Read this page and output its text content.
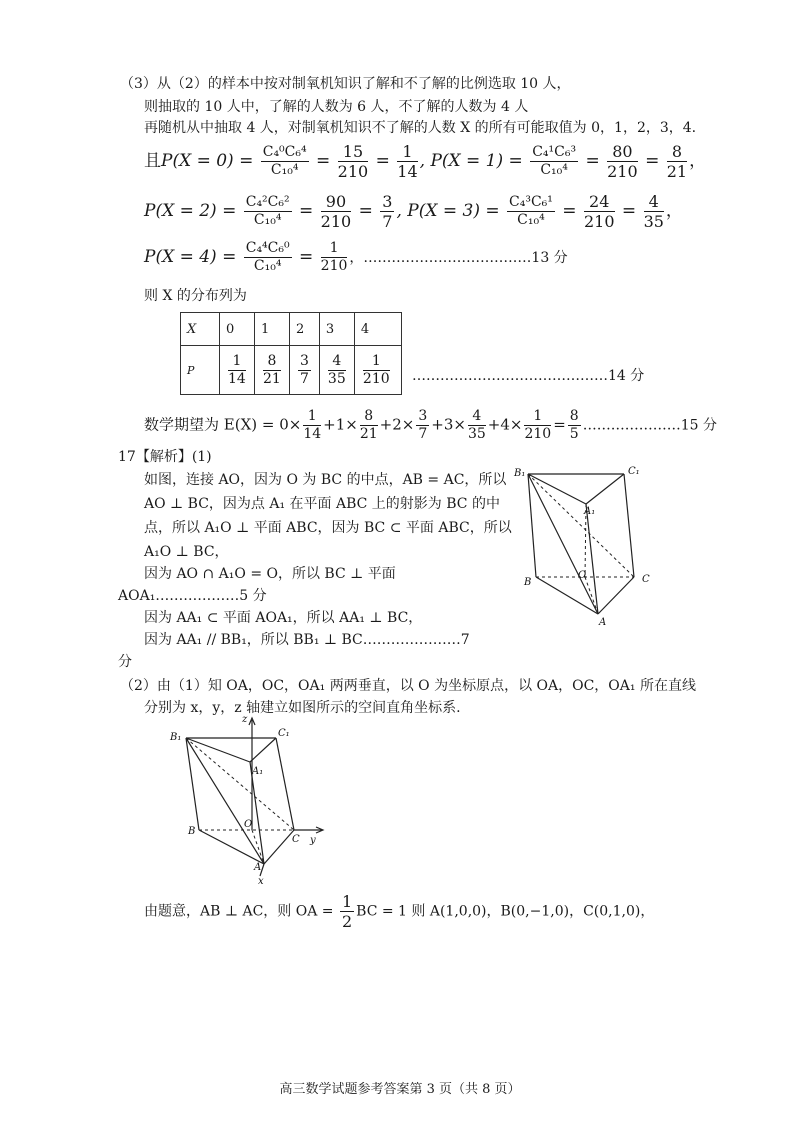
（3）从（2）的样本中按对制氧机知识了解和不了解的比例选取 10 人，
则抽取的 10 人中，了解的人数为 6 人，不了解的人数为 4 人
再随机从中抽取 4 人，对制氧机知识不了解的人数 X 的所有可能取值为 0，1，2，3，4.
且$P(X = 0) = \frac{\text{C₄⁰C₆⁴}}{\text{C₁₀⁴}} = \frac{15}{210} = \frac{1}{14}$ , $P(X = 1) = \frac{\text{C₄¹C₆³}}{\text{C₁₀⁴}} = \frac{80}{210} = \frac{8}{21}$ ，
$P(X = 2) = \frac{\text{C₄²C₆²}}{\text{C₁₀⁴}} = \frac{90}{210} = \frac{3}{7}$ , $P(X = 3) = \frac{\text{C₄³C₆¹}}{\text{C₁₀⁴}} = \frac{24}{210} = \frac{4}{35}$ ，
$P(X = 4) = \frac{\text{C₄⁴C₆⁰}}{\text{C₁₀⁴}} = \frac{1}{210}$ ，………………………………13 分
则 X 的分布列为
X	0	1	2	3	4
P	$\frac{1}{14}$	$\frac{8}{21}$	$\frac{3}{7}$	$\frac{4}{35}$	$\frac{1}{210}$ ……………………………………14 分
数学期望为 $E(X) = 0\times \frac{1}{14} +1\times \frac{8}{21} +2\times \frac{3}{7} +3\times \frac{4}{35} +4\times \frac{1}{210} = \frac{8}{5}$ …………………15 分
17【解析】(1)
如图，连接 AO，因为 O 为 BC 的中点，AB = AC，所以
AO ⊥ BC，因为点 A₁ 在平面 ABC 上的射影为 BC 的中
点，所以 A₁O ⊥ 平面 ABC，因为 BC ⊂ 平面 ABC，所以
A₁O ⊥ BC，
因为 AO ∩ A₁O = O，所以 BC ⊥ 平面
AOA₁………………5 分
因为 AA₁ ⊂ 平面 AOA₁，所以 AA₁ ⊥ BC，
因为 AA₁ // BB₁，所以 BB₁ ⊥ BC…………………7
分
（2）由（1）知 OA，OC，OA₁ 两两垂直，以 O 为坐标原点，以 OA，OC，OA₁ 所在直线
分别为 x，y，z 轴建立如图所示的空间直角坐标系.
B₁	C₁
A₁
B
O	C
A
B₁	C₁
A₁
B
O
C
A
z
y
x
由题意，AB ⊥ AC，则 OA = $\frac{1}{2}$ BC = 1 则 A(1,0,0)，B(0,−1,0)，C(0,1,0)，
高三数学试题参考答案第 3 页（共 8 页）
